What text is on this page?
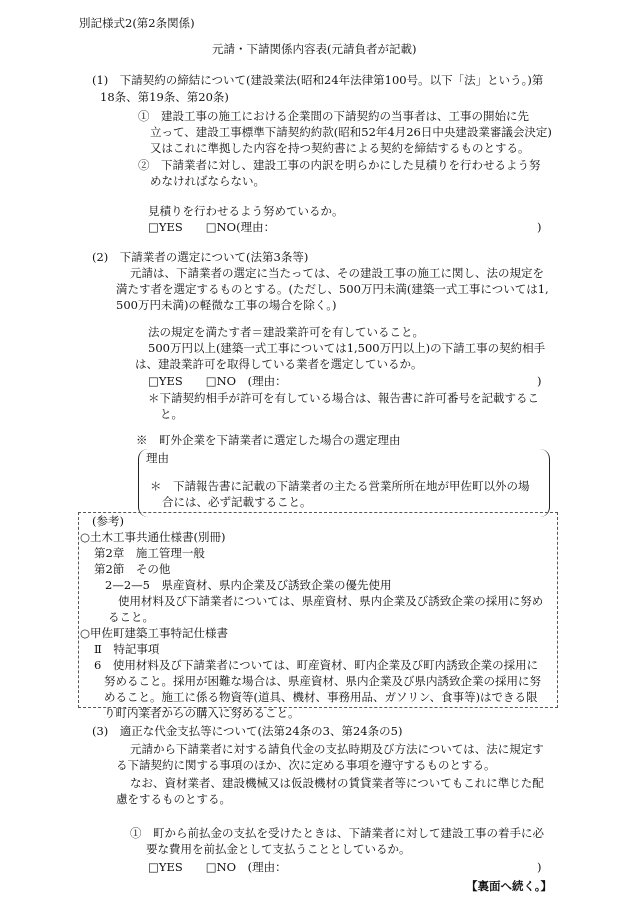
別記様式2(第2条関係)
元請・下請関係内容表(元請負者が記載)
(1)　下請契約の締結について(建設業法(昭和24年法律第100号。以下「法」という。)第
18条、第19条、第20条)
①　建設工事の施工における企業間の下請契約の当事者は、工事の開始に先
立って、建設工事標準下請契約約款(昭和52年4月26日中央建設業審議会決定)
又はこれに準拠した内容を持つ契約書による契約を締結するものとする。
②　下請業者に対し、建設工事の内訳を明らかにした見積りを行わせるよう努
めなければならない。
見積りを行わせるよう努めているか。
□YES　　□NO(理由：	)
(2)　下請業者の選定について(法第3条等)
元請は、下請業者の選定に当たっては、その建設工事の施工に関し、法の規定を
満たす者を選定するものとする。(ただし、500万円未満(建築一式工事については1,
500万円未満)の軽微な工事の場合を除く。)
法の規定を満たす者＝建設業許可を有していること。
500万円以上(建築一式工事については1,500万円以上)の下請工事の契約相手
は、建設業許可を取得している業者を選定しているか。
□YES　　□NO　(理由：	)
＊下請契約相手が許可を有している場合は、報告書に許可番号を記載するこ
と。
※　町外企業を下請業者に選定した場合の選定理由
理由
＊　下請報告書に記載の下請業者の主たる営業所所在地が甲佐町以外の場
合には、必ず記載すること。
(参考)
○土木工事共通仕様書(別冊)
第2章　施工管理一般
第2節　その他
2—2—5　県産資材、県内企業及び誘致企業の優先使用
使用材料及び下請業者については、県産資材、県内企業及び誘致企業の採用に努め
ること。
○甲佐町建築工事特記仕様書
Ⅱ　特記事項
6　使用材料及び下請業者については、町産資材、町内企業及び町内誘致企業の採用に
努めること。採用が困難な場合は、県産資材、県内企業及び県内誘致企業の採用に努
めること。施工に係る物資等(道具、機材、事務用品、ガソリン、食事等)はできる限
り町内業者からの購入に努めること。
(3)　適正な代金支払等について(法第24条の3、第24条の5)
元請から下請業者に対する請負代金の支払時期及び方法については、法に規定す
る下請契約に関する事項のほか、次に定める事項を遵守するものとする。
なお、資材業者、建設機械又は仮設機材の賃貸業者等についてもこれに準じた配
慮をするものとする。
①　町から前払金の支払を受けたときは、下請業者に対して建設工事の着手に必
要な費用を前払金として支払うこととしているか。
□YES　　□NO　(理由：	)
【裏面へ続く。】
